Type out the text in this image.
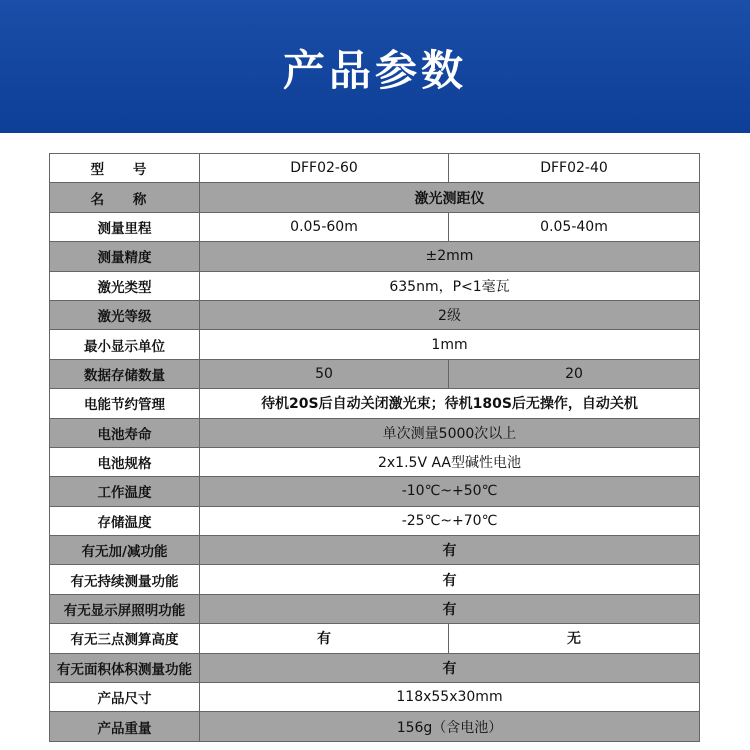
产品参数
型 号	DFF02-60	DFF02-40
名 称	激光测距仪
测量里程	0.05-60m	0.05-40m
测量精度	±2mm
激光类型	635nm，P<1毫瓦
激光等级	2级
最小显示单位	1mm
数据存储数量	50	20
电能节约管理	待机20S后自动关闭激光束；待机180S后无操作，自动关机
电池寿命	单次测量5000次以上
电池规格	2x1.5V AA型碱性电池
工作温度	-10℃~+50℃
存储温度	-25℃~+70℃
有无加/减功能	有
有无持续测量功能	有
有无显示屏照明功能	有
有无三点测算高度	有	无
有无面积体积测量功能	有
产品尺寸	118x55x30mm
产品重量	156g（含电池）
